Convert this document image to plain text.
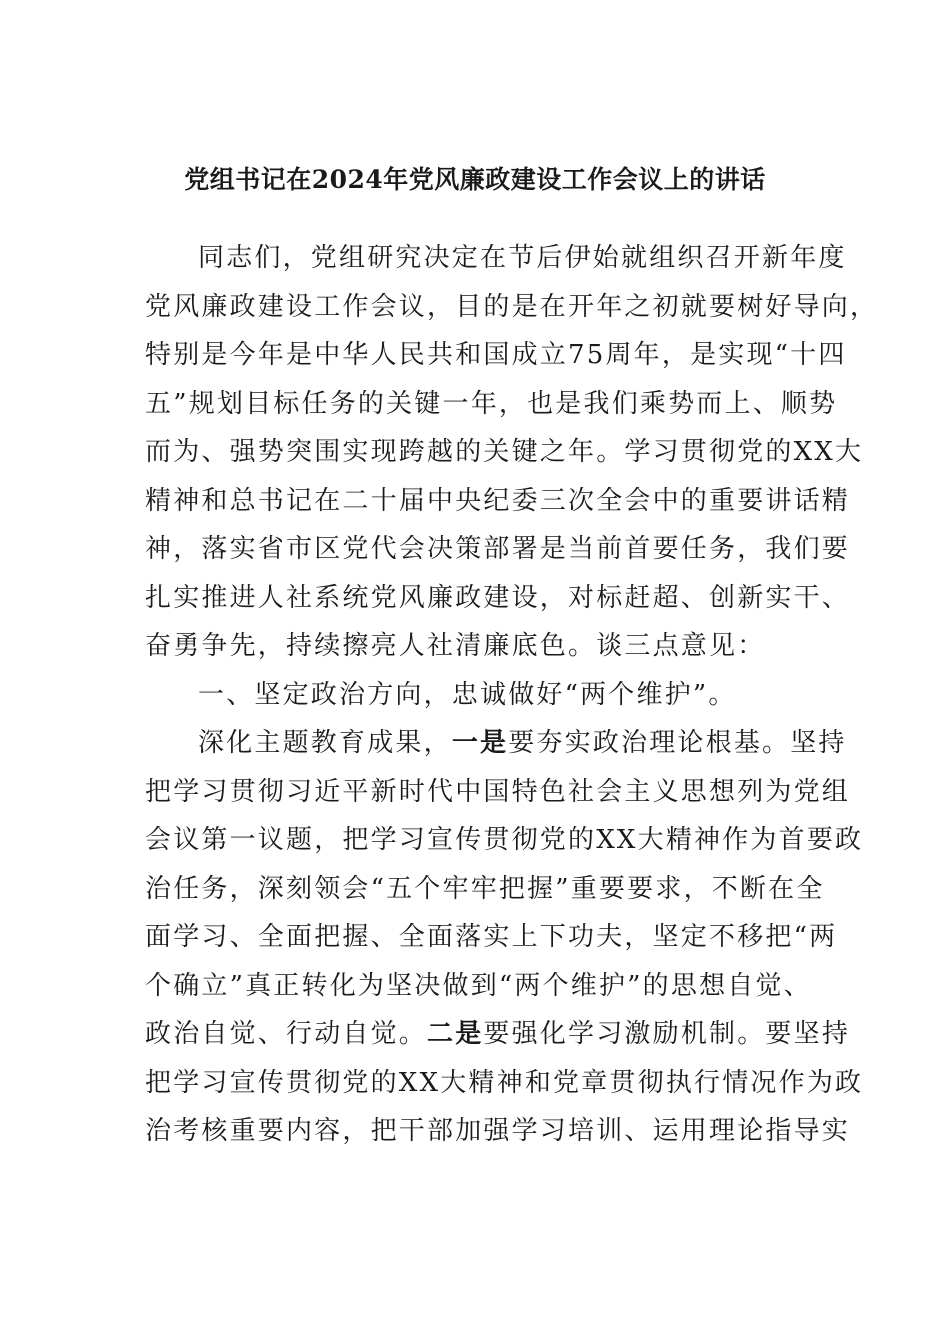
党组书记在2024年党风廉政建设工作会议上的讲话
同志们，党组研究决定在节后伊始就组织召开新年度
党风廉政建设工作会议，目的是在开年之初就要树好导向，
特别是今年是中华人民共和国成立75周年，是实现“十四
五”规划目标任务的关键一年，也是我们乘势而上、顺势
而为、强势突围实现跨越的关键之年。学习贯彻党的XX大
精神和总书记在二十届中央纪委三次全会中的重要讲话精
神，落实省市区党代会决策部署是当前首要任务，我们要
扎实推进人社系统党风廉政建设，对标赶超、创新实干、
奋勇争先，持续擦亮人社清廉底色。谈三点意见：
一、坚定政治方向，忠诚做好“两个维护”。
深化主题教育成果，一是要夯实政治理论根基。坚持
把学习贯彻习近平新时代中国特色社会主义思想列为党组
会议第一议题，把学习宣传贯彻党的XX大精神作为首要政
治任务，深刻领会“五个牢牢把握”重要要求，不断在全
面学习、全面把握、全面落实上下功夫，坚定不移把“两
个确立”真正转化为坚决做到“两个维护”的思想自觉、
政治自觉、行动自觉。二是要强化学习激励机制。要坚持
把学习宣传贯彻党的XX大精神和党章贯彻执行情况作为政
治考核重要内容，把干部加强学习培训、运用理论指导实
